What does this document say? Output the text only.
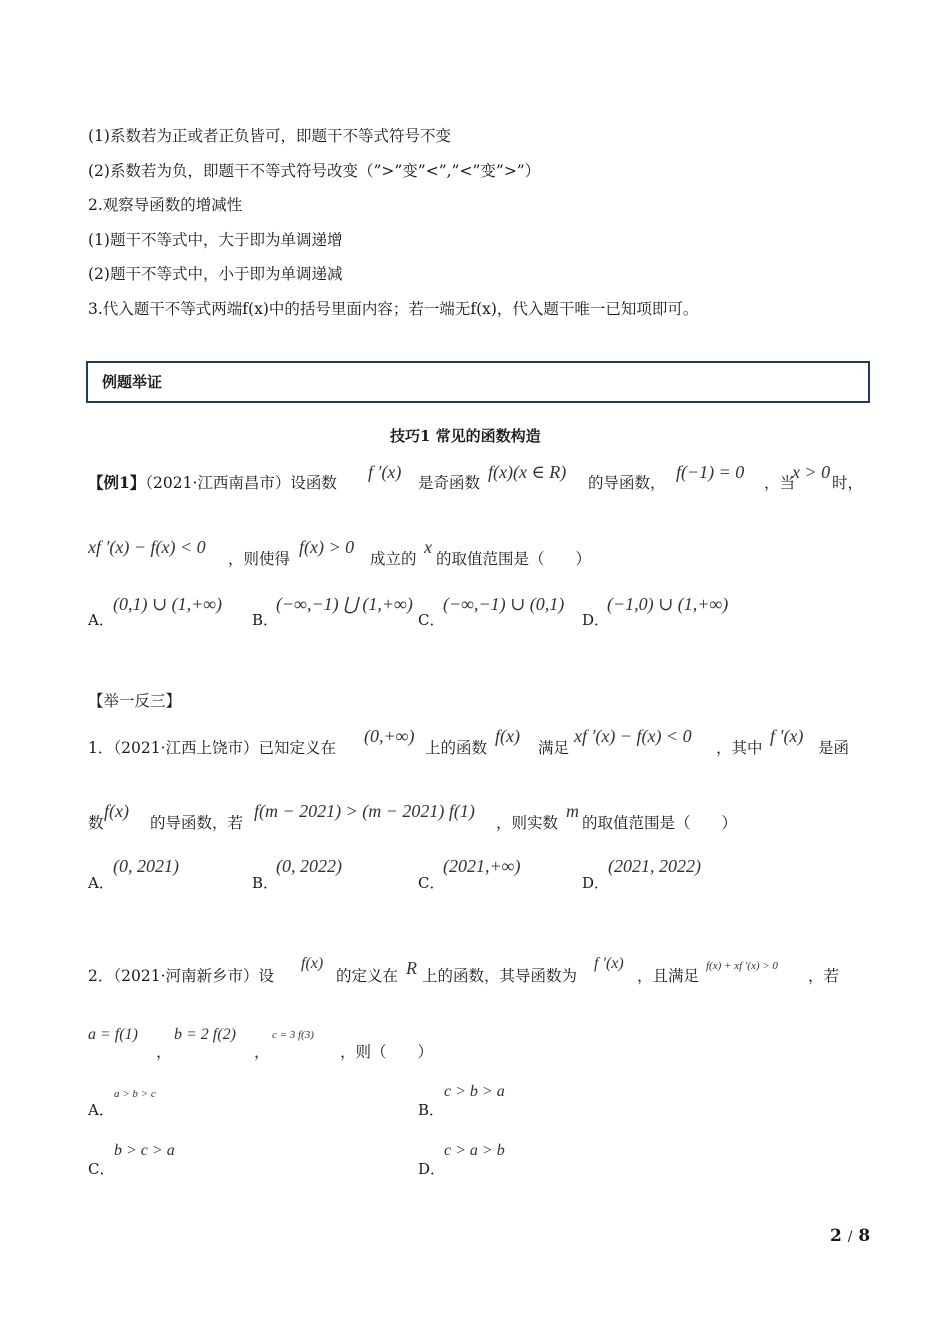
(1)系数若为正或者正负皆可，即题干不等式符号不变
(2)系数若为负，即题干不等式符号改变（”>”变”<”,”<”变”>”）
2.观察导函数的增减性
(1)题干不等式中，大于即为单调递增
(2)题干不等式中，小于即为单调递减
3.代入题干不等式两端f(x)中的括号里面内容；若一端无f(x)，代入题干唯一已知项即可。
例题举证
技巧1 常见的函数构造
【例1】（2021·江西南昌市）设函数
f ′(x)
是奇函数
f(x)(x ∈ R)
的导函数，
f(−1) = 0
，当
x > 0
时，
xf ′(x) − f(x) < 0
，则使得
f(x) > 0
成立的
x
的取值范围是（　　）
A．
(0,1) ∪ (1,+∞)
B．
(−∞,−1) ⋃ (1,+∞)
C．
(−∞,−1) ∪ (0,1)
D．
(−1,0) ∪ (1,+∞)
【举一反三】
1．（2021·江西上饶市）已知定义在
(0,+∞)
上的函数
f(x)
满足
xf ′(x) − f(x) < 0
，其中
f ′(x)
是函
数
f(x)
的导函数，若
f(m − 2021) > (m − 2021) f(1)
，则实数
m
的取值范围是（　　）
A．
(0, 2021)
B．
(0, 2022)
C．
(2021,+∞)
D．
(2021, 2022)
2．（2021·河南新乡市）设
f(x)
的定义在 R 上的函数，其导函数为
f ′(x)
，且满足
f(x) + xf ′(x) > 0
，若
a = f(1)
，
b = 2 f(2)
，
c = 3 f(3)
，则（　　）
A．
a > b > c
B．
c > b > a
C．
b > c > a
D．
c > a > b
2 / 8
